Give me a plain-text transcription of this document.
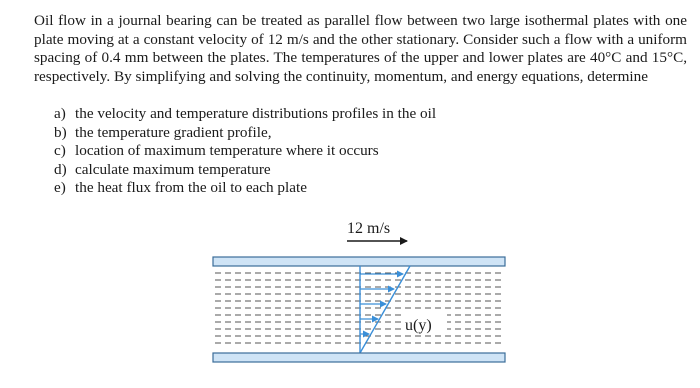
Oil flow in a journal bearing can be treated as parallel flow between two large isothermal plates with one plate moving at a constant velocity of 12 m/s and the other stationary. Consider such a flow with a uniform spacing of 0.4 mm between the plates. The temperatures of the upper and lower plates are 40°C and 15°C, respectively. By simplifying and solving the continuity, momentum, and energy equations, determine

a) the velocity and temperature distributions profiles in the oil
b) the temperature gradient profile,
c) location of maximum temperature where it occurs
d) calculate maximum temperature
e) the heat flux from the oil to each plate
12 m/s
u(y)
